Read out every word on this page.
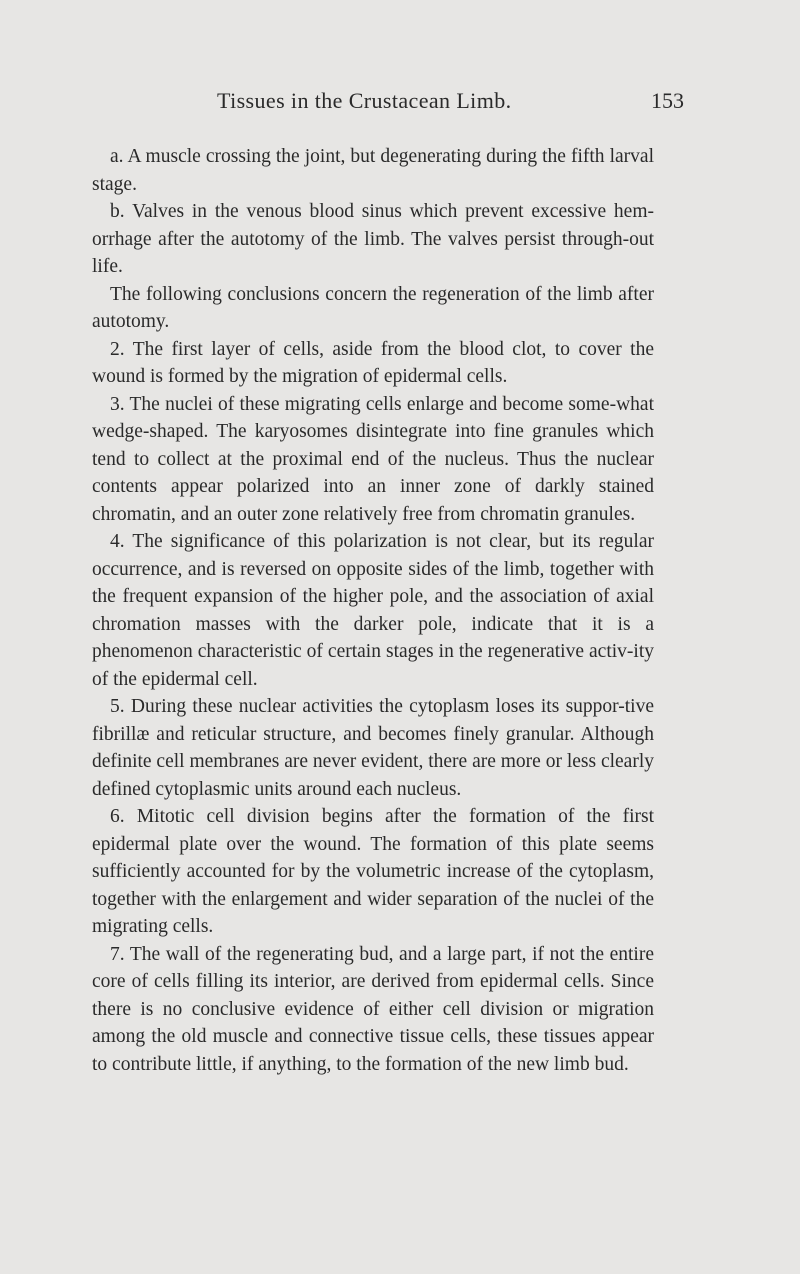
Tissues in the Crustacean Limb.	153

a. A muscle crossing the joint, but degenerating during the fifth larval stage.

b. Valves in the venous blood sinus which prevent excessive hem-orrhage after the autotomy of the limb. The valves persist through-out life.

The following conclusions concern the regeneration of the limb after autotomy.

2. The first layer of cells, aside from the blood clot, to cover the wound is formed by the migration of epidermal cells.

3. The nuclei of these migrating cells enlarge and become some-what wedge-shaped. The karyosomes disintegrate into fine granules which tend to collect at the proximal end of the nucleus. Thus the nuclear contents appear polarized into an inner zone of darkly stained chromatin, and an outer zone relatively free from chromatin granules.

4. The significance of this polarization is not clear, but its regular occurrence, and is reversed on opposite sides of the limb, together with the frequent expansion of the higher pole, and the association of axial chromation masses with the darker pole, indicate that it is a phenomenon characteristic of certain stages in the regenerative activ-ity of the epidermal cell.

5. During these nuclear activities the cytoplasm loses its suppor-tive fibrillæ and reticular structure, and becomes finely granular. Although definite cell membranes are never evident, there are more or less clearly defined cytoplasmic units around each nucleus.

6. Mitotic cell division begins after the formation of the first epidermal plate over the wound. The formation of this plate seems sufficiently accounted for by the volumetric increase of the cytoplasm, together with the enlargement and wider separation of the nuclei of the migrating cells.

7. The wall of the regenerating bud, and a large part, if not the entire core of cells filling its interior, are derived from epidermal cells. Since there is no conclusive evidence of either cell division or migration among the old muscle and connective tissue cells, these tissues appear to contribute little, if anything, to the formation of the new limb bud.
